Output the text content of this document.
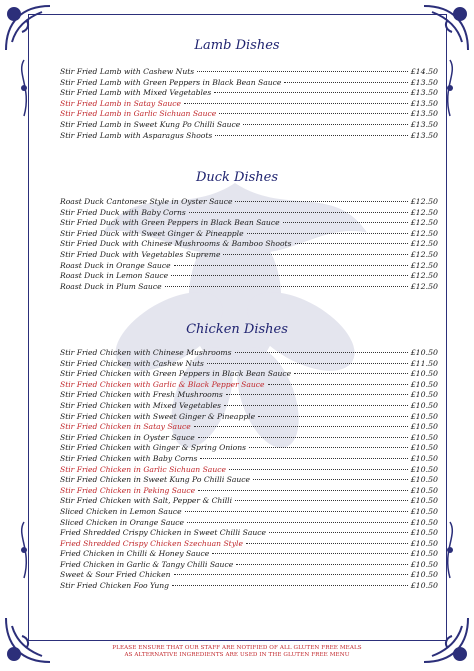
Lamb Dishes
Stir Fried Lamb with Cashew Nuts	£14.50
Stir Fried Lamb with Green Peppers in Black Bean Sauce	£13.50
Stir Fried Lamb with Mixed Vegetables	£13.50
Stir Fried Lamb in Satay Sauce	£13.50
Stir Fried Lamb in Garlic Sichuan Sauce	£13.50
Stir Fried Lamb in Sweet Kung Po Chilli Sauce	£13.50
Stir Fried Lamb with Asparagus Shoots	£13.50
Duck Dishes
Roast Duck Cantonese Style in Oyster Sauce	£12.50
Stir Fried Duck with Baby Corns	£12.50
Stir Fried Duck with Green Peppers in Black Bean Sauce	£12.50
Stir Fried Duck with Sweet Ginger & Pineapple	£12.50
Stir Fried Duck with Chinese Mushrooms & Bamboo Shoots	£12.50
Stir Fried Duck with Vegetables Supreme	£12.50
Roast Duck in Orange Sauce	£12.50
Roast Duck in Lemon Sauce	£12.50
Roast Duck in Plum Sauce	£12.50
Chicken Dishes
Stir Fried Chicken with Chinese Mushrooms	£10.50
Stir Fried Chicken with Cashew Nuts	£11.50
Stir Fried Chicken with Green Peppers in Black Bean Sauce	£10.50
Stir Fried Chicken with Garlic & Black Pepper Sauce	£10.50
Stir Fried Chicken with Fresh Mushrooms	£10.50
Stir Fried Chicken with Mixed Vegetables	£10.50
Stir Fried Chicken with Sweet Ginger & Pineapple	£10.50
Stir Fried Chicken in Satay Sauce	£10.50
Stir Fried Chicken in Oyster Sauce	£10.50
Stir Fried Chicken with Ginger & Spring Onions	£10.50
Stir Fried Chicken with Baby Corns	£10.50
Stir Fried Chicken in Garlic Sichuan Sauce	£10.50
Stir Fried Chicken in Sweet Kung Po Chilli Sauce	£10.50
Stir Fried Chicken in Peking Sauce	£10.50
Stir Fried Chicken with Salt, Pepper & Chilli	£10.50
Sliced Chicken in Lemon Sauce	£10.50
Sliced Chicken in Orange Sauce	£10.50
Fried Shredded Crispy Chicken in Sweet Chilli Sauce	£10.50
Fried Shredded Crispy Chicken Szechuan Style	£10.50
Fried Chicken in Chilli & Honey Sauce	£10.50
Fried Chicken in Garlic & Tangy Chilli Sauce	£10.50
Sweet & Sour Fried Chicken	£10.50
Stir Fried Chicken Foo Yung	£10.50
PLEASE ENSURE THAT OUR STAFF ARE NOTIFIED OF ALL GLUTEN FREE MEALS
AS ALTERNATIVE INGREDIENTS ARE USED IN THE GLUTEN FREE MENU
